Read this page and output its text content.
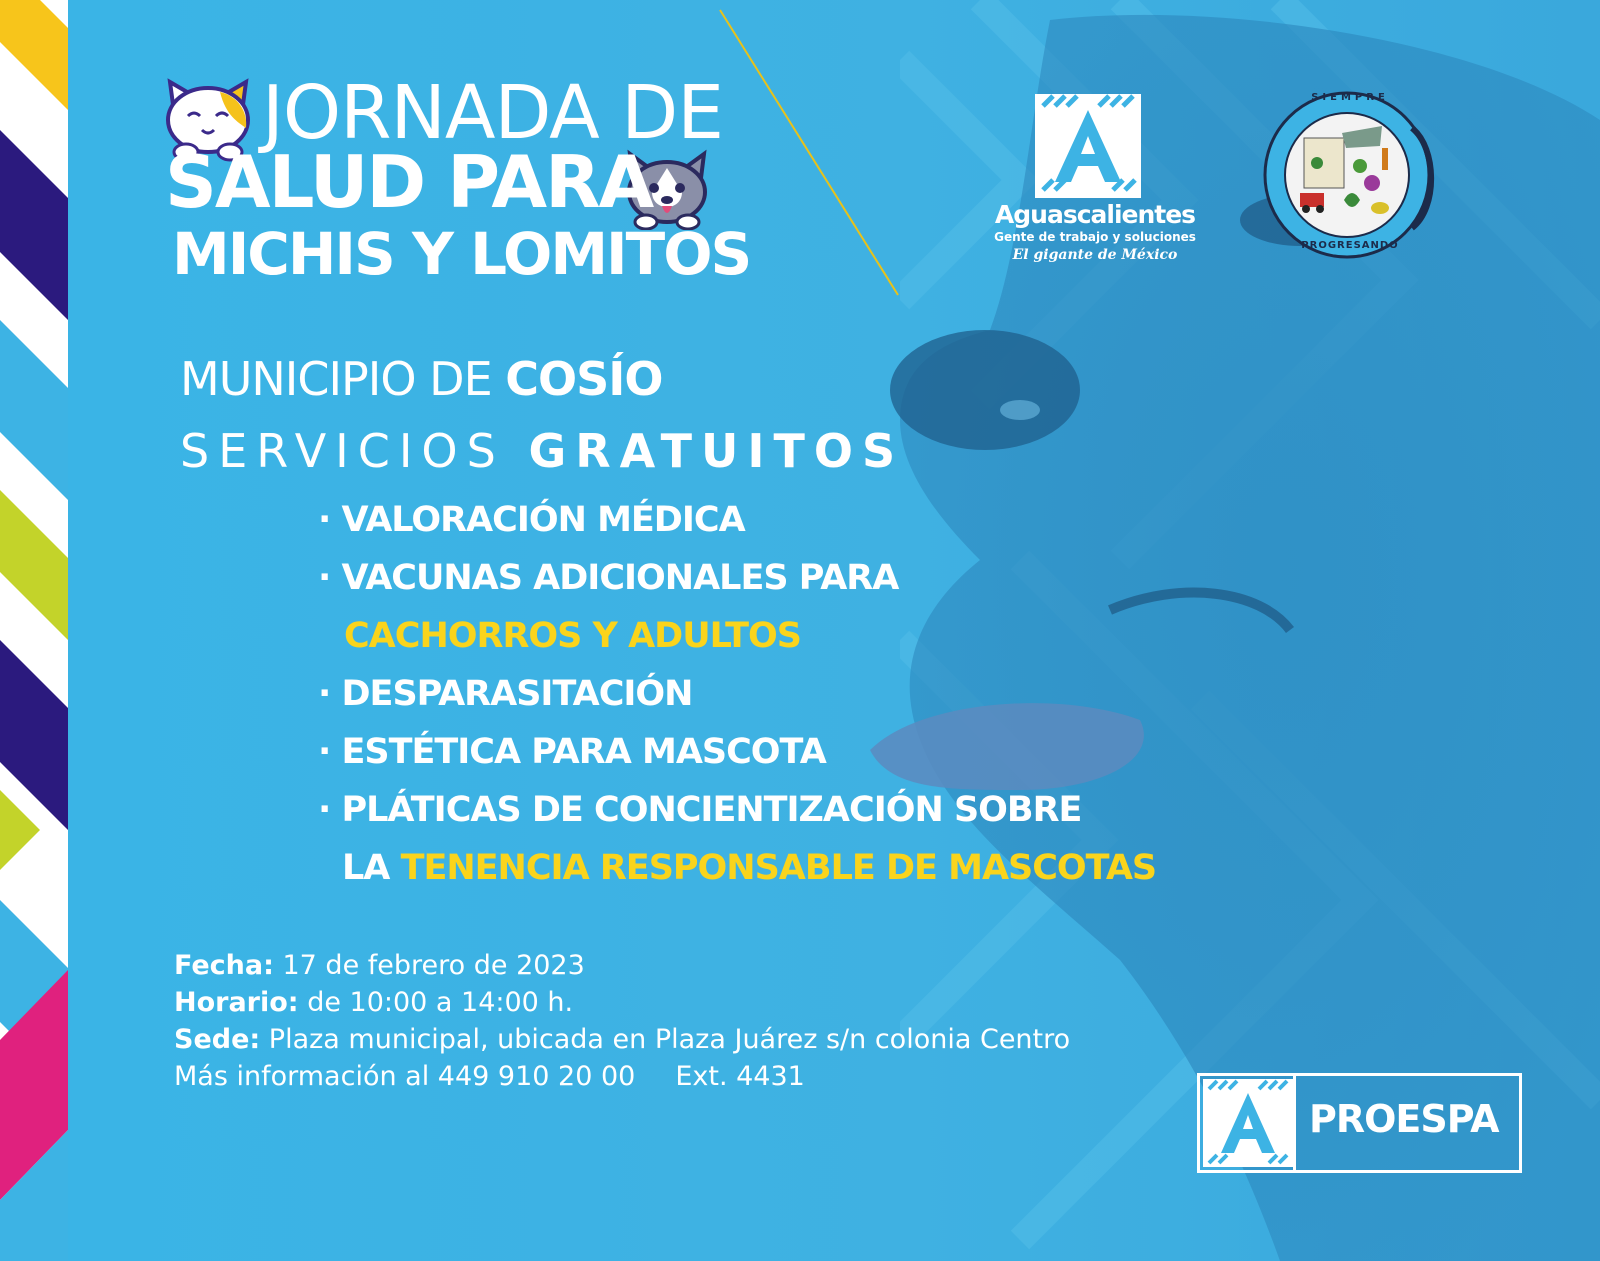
JORNADA DE
SALUD PARA
MICHIS Y LOMITOS
MUNICIPIO DE COSÍO
SERVICIOS GRATUITOS
· VALORACIÓN MÉDICA
· VACUNAS ADICIONALES PARA
CACHORROS Y ADULTOS
· DESPARASITACIÓN
· ESTÉTICA PARA MASCOTA
· PLÁTICAS DE CONCIENTIZACIÓN SOBRE
LA TENENCIA RESPONSABLE DE MASCOTAS
Fecha: 17 de febrero de 2023
Horario: de 10:00 a 14:00 h.
Sede: Plaza municipal, ubicada en Plaza Juárez s/n colonia Centro
Más información al 449 910 20 00 Ext. 4431
Aguascalientes
Gente de trabajo y soluciones
El gigante de México
SIEMPRE
PROGRESANDO
PROESPA
